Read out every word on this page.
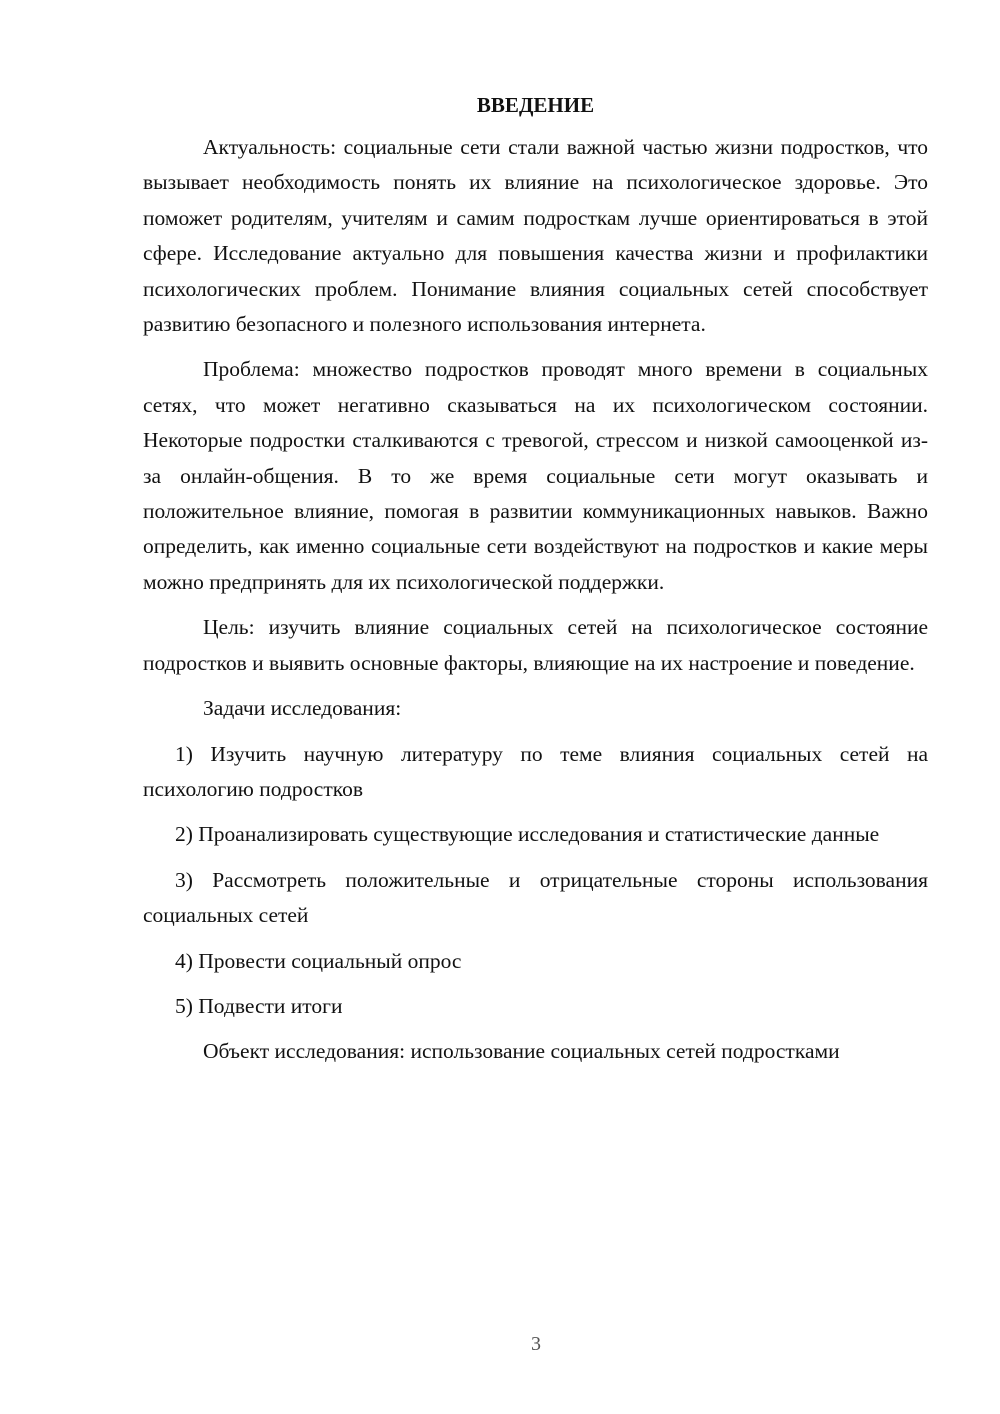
ВВЕДЕНИЕ

Актуальность: социальные сети стали важной частью жизни подростков, что вызывает необходимость понять их влияние на психологическое здоровье. Это поможет родителям, учителям и самим подросткам лучше ориентироваться в этой сфере. Исследование актуально для повышения качества жизни и профилактики психологических проблем. Понимание влияния социальных сетей способствует развитию безопасного и полезного использования интернета.

Проблема: множество подростков проводят много времени в социальных сетях, что может негативно сказываться на их психологическом состоянии. Некоторые подростки сталкиваются с тревогой, стрессом и низкой самооценкой из-за онлайн-общения. В то же время социальные сети могут оказывать и положительное влияние, помогая в развитии коммуникационных навыков. Важно определить, как именно социальные сети воздействуют на подростков и какие меры можно предпринять для их психологической поддержки.

Цель: изучить влияние социальных сетей на психологическое состояние подростков и выявить основные факторы, влияющие на их настроение и поведение.

Задачи исследования:

1) Изучить научную литературу по теме влияния социальных сетей на психологию подростков

2) Проанализировать существующие исследования и статистические данные

3) Рассмотреть положительные и отрицательные стороны использования социальных сетей

4) Провести социальный опрос

5) Подвести итоги

Объект исследования: использование социальных сетей подростками

3
